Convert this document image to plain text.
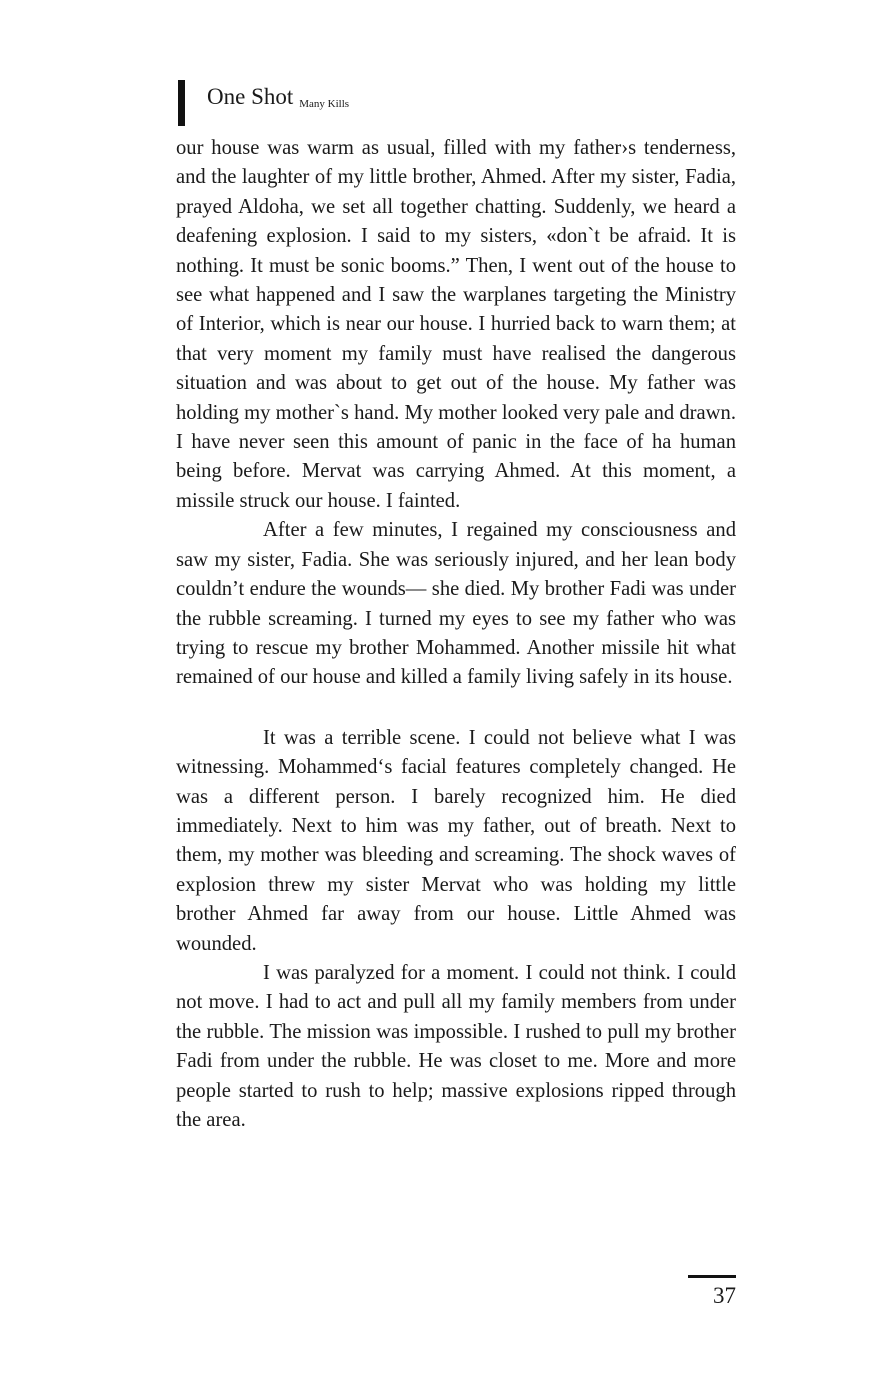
One Shot Many Kills

our house was warm as usual, filled with my father›s tenderness, and the laughter of my little brother, Ahmed. After my sister, Fadia, prayed Aldoha, we set all together chatting. Suddenly, we heard a deafening explosion. I said to my sisters, «don`t be afraid. It is nothing. It must be sonic booms.” Then, I went out of the house to see what happened and I saw the warplanes targeting the Ministry of Interior, which is near our house. I hurried back to warn them; at that very moment my family must have realised the dangerous situation and was about to get out of the house. My father was holding my mother`s hand. My mother looked very pale and drawn. I have never seen this amount of panic in the face of ha human being before. Mervat was carrying Ahmed. At this moment, a missile struck our house. I fainted.

After a few minutes, I regained my consciousness and saw my sister, Fadia. She was seriously injured, and her lean body couldn’t endure the wounds— she died. My brother Fadi was under the rubble screaming. I turned my eyes to see my father who was trying to rescue my brother Mohammed. Another missile hit what remained of our house and killed a family living safely in its house.

It was a terrible scene. I could not believe what I was witnessing. Mohammed‘s facial features completely changed. He was a different person. I barely recognized him. He died immediately. Next to him was my father, out of breath. Next to them, my mother was bleeding and screaming. The shock waves of explosion threw my sister Mervat who was holding my little brother Ahmed far away from our house. Little Ahmed was wounded.

I was paralyzed for a moment. I could not think. I could not move. I had to act and pull all my family members from under the rubble. The mission was impossible. I rushed to pull my brother Fadi from under the rubble. He was closet to me. More and more people started to rush to help; massive explosions ripped through the area.

37
